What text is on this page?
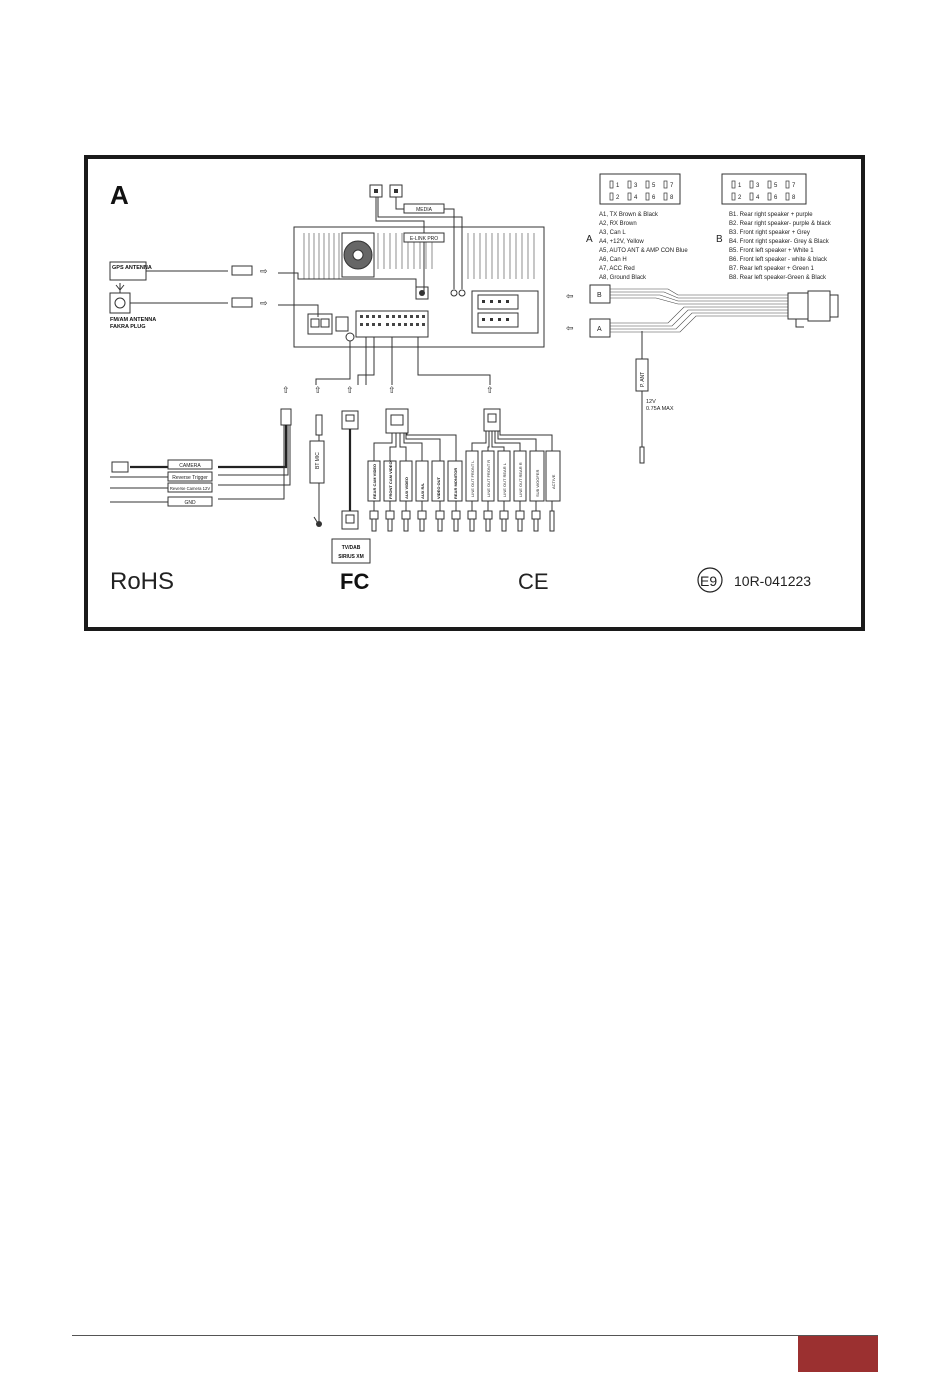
A	MEDIA
E-LINK PRO
GPS ANTENNA	⇨
FM/AM ANTENNA
FAKRA PLUG
⇨
1 3 5 7
2 4 6 8
A
A1, TX Brown & Black
A2, RX Brown
A3, Can L
A4, +12V, Yellow
A5, AUTO ANT & AMP CON Blue
A6, Can H
A7, ACC Red
A8, Ground Black
1 3 5 7
2 4 6 8
B
B1. Rear right speaker + purple
B2. Rear right speaker- purple & black
B3. Front right speaker + Grey
B4. Front right speaker- Grey & Black
B5. Front left speaker + White 1
B6. Front left speaker - white & black
B7. Rear left speaker + Green 1
B8. Rear left speaker-Green & Black
⇦
⇦
B
A
P. ANT
12V
0.75A MAX
⇧	⇧	⇧	⇧	⇧
CAMERA
Reverse Trigger
Reverse Camera 12V
GND
BT MIC
TV/DAB
SIRIUS XM
REAR CAM VIDEO	FRONT CAM VIDEO	AUX VIDEO	AUX R/L	VIDEO OUT	REAR MONITOR	LINE OUT FRONT L	LINE OUT FRONT R	LINE OUT REAR L	LINE OUT REAR R	SUB WOOFER	ACTIVE
RoHS	FC	CE	E9 10R-041223
